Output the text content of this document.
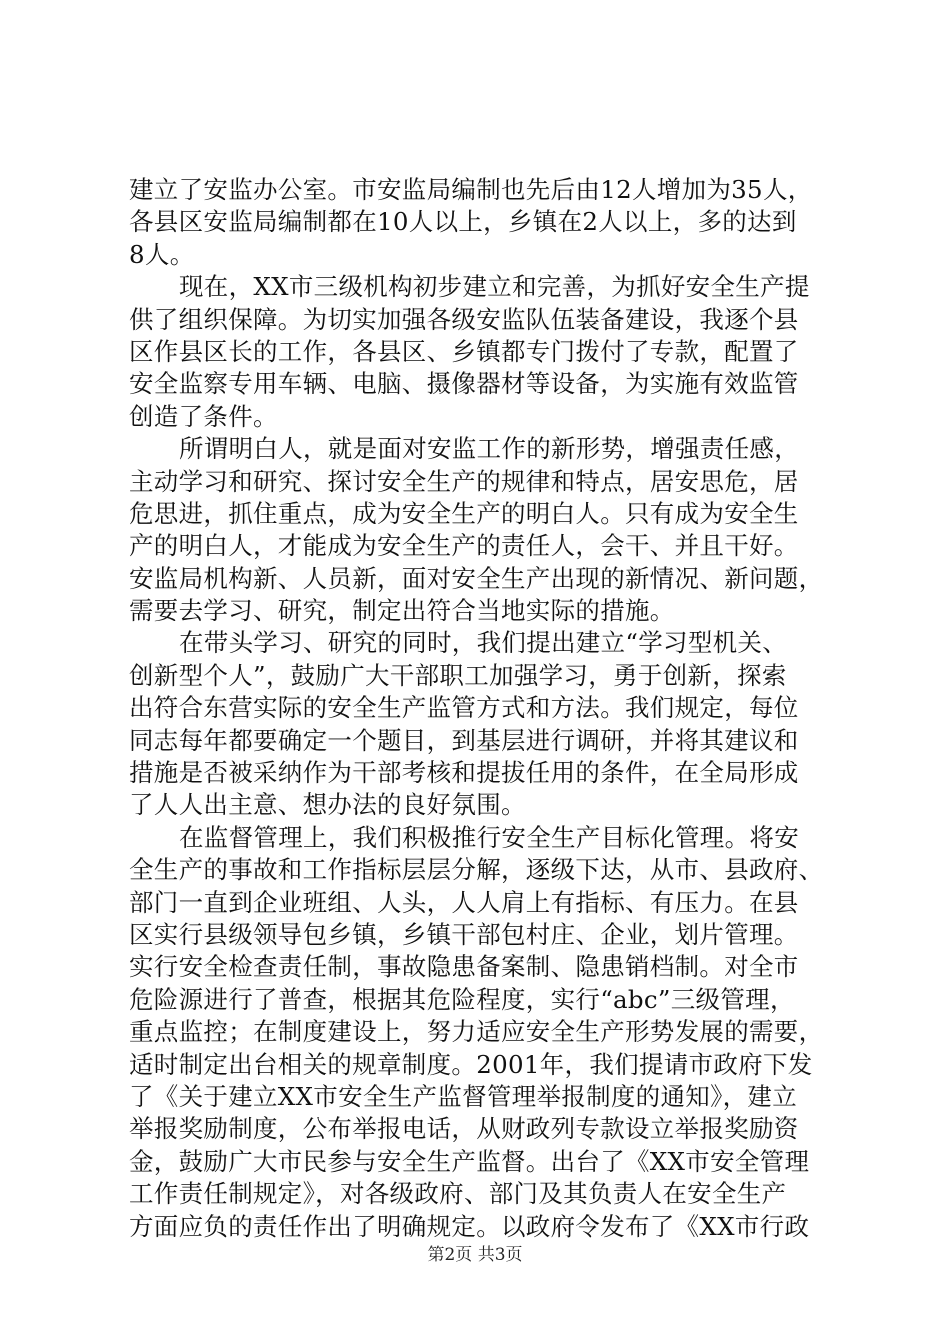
建立了安监办公室。市安监局编制也先后由12人增加为35人，
各县区安监局编制都在10人以上，乡镇在2人以上，多的达到
8人。
现在，XX市三级机构初步建立和完善，为抓好安全生产提
供了组织保障。为切实加强各级安监队伍装备建设，我逐个县
区作县区长的工作，各县区、乡镇都专门拨付了专款，配置了
安全监察专用车辆、电脑、摄像器材等设备，为实施有效监管
创造了条件。
所谓明白人，就是面对安监工作的新形势，增强责任感，
主动学习和研究、探讨安全生产的规律和特点，居安思危，居
危思进，抓住重点，成为安全生产的明白人。只有成为安全生
产的明白人，才能成为安全生产的责任人，会干、并且干好。
安监局机构新、人员新，面对安全生产出现的新情况、新问题，
需要去学习、研究，制定出符合当地实际的措施。
在带头学习、研究的同时，我们提出建立“学习型机关、
创新型个人”，鼓励广大干部职工加强学习，勇于创新，探索
出符合东营实际的安全生产监管方式和方法。我们规定，每位
同志每年都要确定一个题目，到基层进行调研，并将其建议和
措施是否被采纳作为干部考核和提拔任用的条件，在全局形成
了人人出主意、想办法的良好氛围。
在监督管理上，我们积极推行安全生产目标化管理。将安
全生产的事故和工作指标层层分解，逐级下达，从市、县政府、
部门一直到企业班组、人头，人人肩上有指标、有压力。在县
区实行县级领导包乡镇，乡镇干部包村庄、企业，划片管理。
实行安全检查责任制，事故隐患备案制、隐患销档制。对全市
危险源进行了普查，根据其危险程度，实行“abc”三级管理，
重点监控；在制度建设上，努力适应安全生产形势发展的需要，
适时制定出台相关的规章制度。2001年，我们提请市政府下发
了《关于建立XX市安全生产监督管理举报制度的通知》，建立
举报奖励制度，公布举报电话，从财政列专款设立举报奖励资
金，鼓励广大市民参与安全生产监督。出台了《XX市安全管理
工作责任制规定》，对各级政府、部门及其负责人在安全生产
方面应负的责任作出了明确规定。以政府令发布了《XX市行政
第2页 共3页
